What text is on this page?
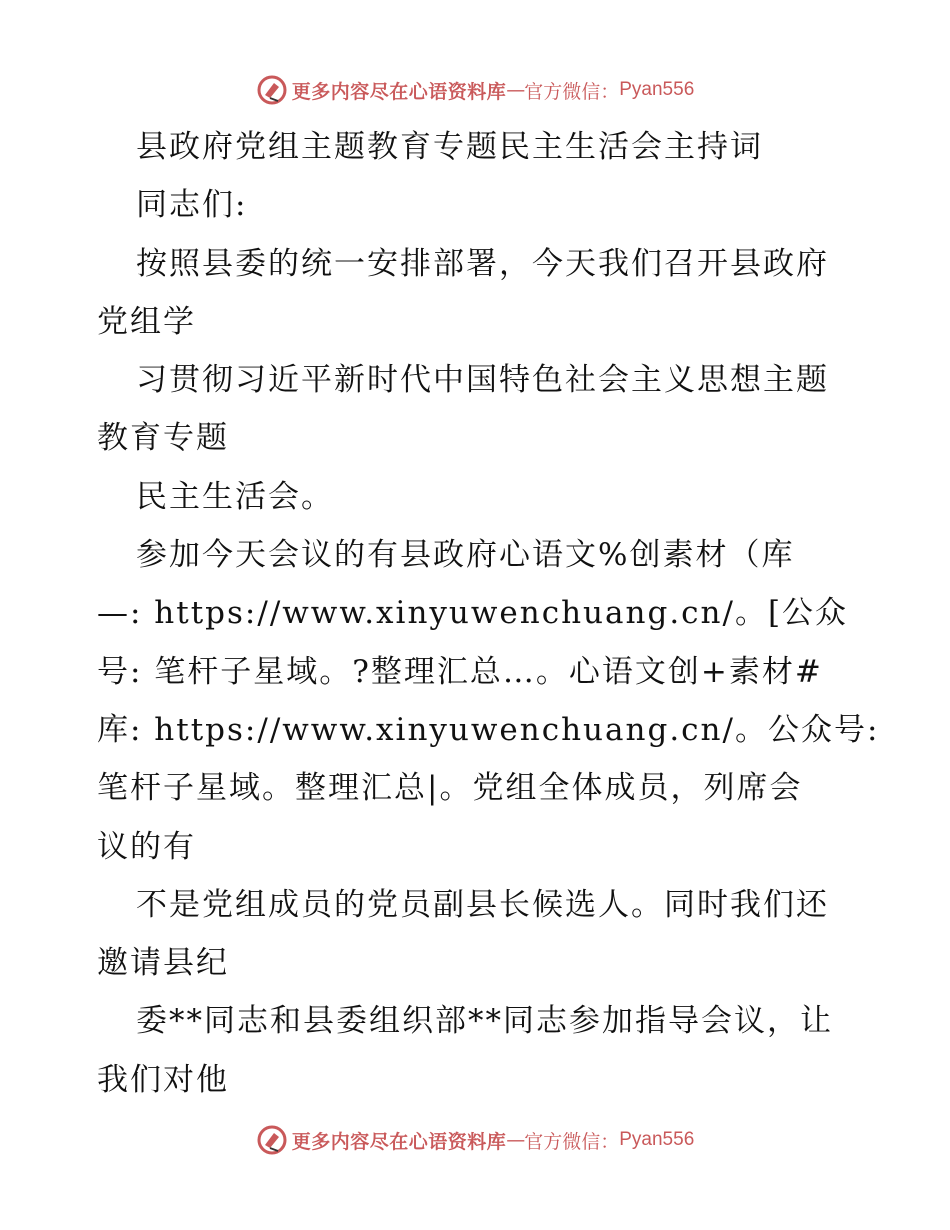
更多内容尽在心语资料库 — 官方微信： Pyan556
县政府党组主题教育专题民主生活会主持词
同志们:
按照县委的统一安排部署，今天我们召开县政府
党组学
习贯彻习近平新时代中国特色社会主义思想主题
教育专题
民主生活会。
参加今天会议的有县政府心语文%创素材（库
—: https://www.xinyuwenchuang.cn/。[公众
号: 笔杆子星域。?整理汇总…。心语文创+素材#
库: https://www.xinyuwenchuang.cn/。公众号:
笔杆子星域。整理汇总|。党组全体成员，列席会
议的有
不是党组成员的党员副县长候选人。同时我们还
邀请县纪
委**同志和县委组织部**同志参加指导会议，让
我们对他
更多内容尽在心语资料库 — 官方微信： Pyan556
